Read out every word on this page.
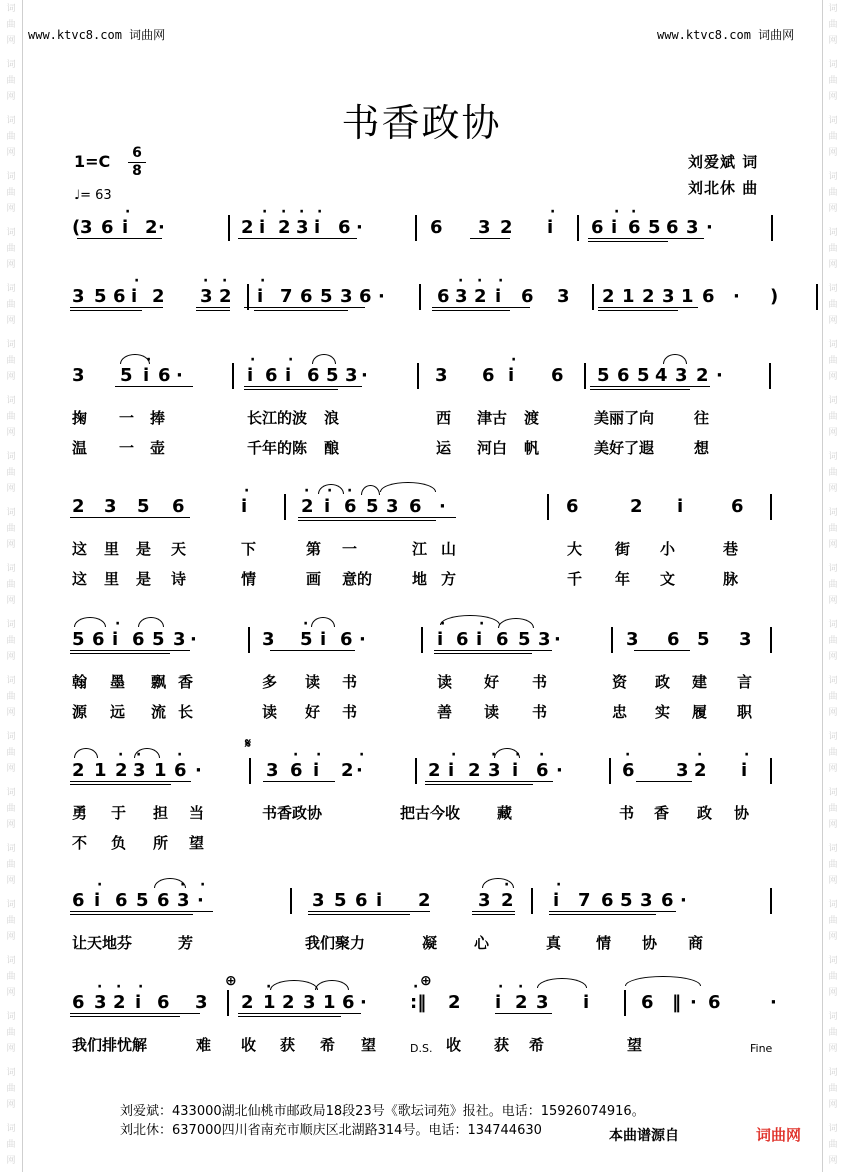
词
曲
网
词
曲
网
词
曲
网
词
曲
网
词
曲
网
词
曲
网
词
曲
网
词
曲
网
词
曲
网
词
曲
网
词
曲
网
词
曲
网
词
曲
网
词
曲
网
词
曲
网
词
曲
网
词
曲
网
词
曲
网
词
曲
网
词
曲
网
词
曲
网
词
曲
网
词
曲
网
词
曲
网
词
曲
网
词
曲
网
词
曲
网
词
曲
网
词
曲
网
词
曲
网
词
曲
网
词
曲
网
词
曲
网
词
曲
网
词
曲
网
词
曲
网
词
曲
网
词
曲
网
词
曲
网
词
曲
网
词
曲
网
词
曲
网
www.ktvc8.com 词曲网	www.ktvc8.com 词曲网
书香政协
1=C 6
8
♩= 63
刘爱斌 词
刘北休 曲
( 3 6 i
·
2 ·	2 i
·
2
·
3
·
i
·
6 ·	6 3 2 i
·
6 i
·
6
·
5 6 3 ·
3 5 6 i
·
2 3
·
2
·
i
·
7 6 5 3 6 ·	6 3
·
2
·
i
·
6 3 2 1 2 3 1 6 · )
3 5 i
·
6 ·	i
·
6 i
·
6 5 3 ·	3 6 i
·
6 5 6 5 4 3 2 ·
掬 一 捧	长江的波 浪	西 津古 渡	美丽了向	往
温 一 壶	千年的陈 酿	运 河白 帆	美好了遐	想
2 3 5 6	i
·
2
·
i
·
6
·
5 3 6 ·	6	2 i	6
这 里 是 天	下	第 一	江 山	大 街 小	巷
这 里 是 诗	情	画 意的	地 方	千 年 文	脉
5 6 i
·
6 5 3 ·	3 5
·
i 6 ·	i
·
6 i
·
6 5 3 ·	3 6 5 3
翰 墨 飘 香	多 读 书	读 好 书	资 政 建 言
源 远 流 长	读 好 书	善 读 书	忠 实 履 职
2 1 2
·
3
·
1 6
·
·	3 6
·
i
·
2 ·
·
2 i
·
2 3
·
i
·
6
·
·	6
·
3 2
·
i
·
勇 于 担 当	书香政协	把古今收 藏	书 香 政 协
不 负 所 望
6 i
·
6 5 6 3
·
·
·
3 5 6 i 2	3 2
·
i
·
7 6 5 3 6 ·
让天地芬	芳	我们聚力	凝 心	真 情 协 商
6 3
·
2
·
i
·
6 3 2 1
·
2 3 1 6 · :‖
·
2 i
·
2
·
3 i	6 · 6	·
‖
我们排忧解	难 收 获 希 望	D.S. 收 获 希	望	Fine
𝄋
⊕	⊕
刘爱斌：433000湖北仙桃市邮政局18段23号《歌坛词苑》报社。电话：15926074916。
刘北休：637000四川省南充市顺庆区北湖路314号。电话：134744630	本曲谱源自	词曲网
